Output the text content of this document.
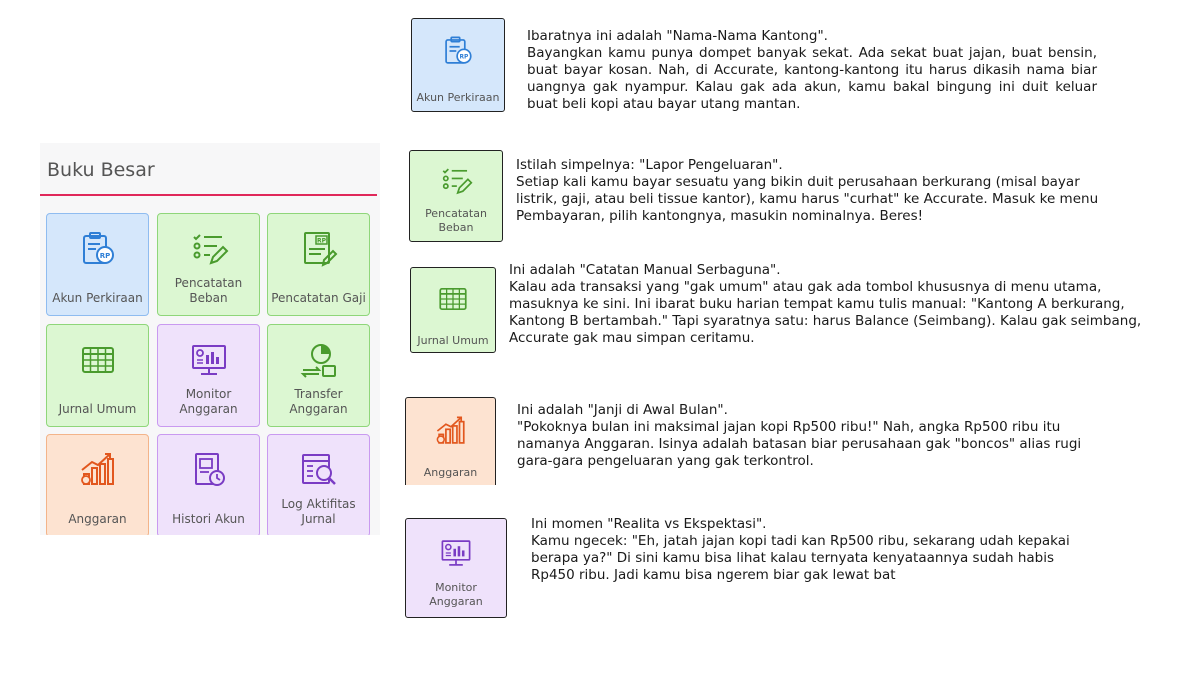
Buku Besar
Akun Perkiraan
Pencatatan Beban	Pencatatan Gaji
Jurnal Umum
Monitor Anggaran
Transfer Anggaran
Anggaran	Histori Akun
Log Aktifitas Jurnal
Akun Perkiraan

Ibaratnya ini adalah "Nama-Nama Kantong".

Bayangkan kamu punya dompet banyak sekat. Ada sekat buat jajan, buat bensin, buat bayar kosan. Nah, di Accurate, kantong-kantong itu harus dikasih nama biar uangnya gak nyampur. Kalau gak ada akun, kamu bakal bingung ini duit keluar buat beli kopi atau bayar utang mantan.

Pencatatan Beban

Istilah simpelnya: "Lapor Pengeluaran".

Setiap kali kamu bayar sesuatu yang bikin duit perusahaan berkurang (misal bayar listrik, gaji, atau beli tissue kantor), kamu harus "curhat" ke Accurate. Masuk ke menu Pembayaran, pilih kantongnya, masukin nominalnya. Beres!

Jurnal Umum

Ini adalah "Catatan Manual Serbaguna".

Kalau ada transaksi yang "gak umum" atau gak ada tombol khususnya di menu utama, masuknya ke sini. Ini ibarat buku harian tempat kamu tulis manual: "Kantong A berkurang, Kantong B bertambah." Tapi syaratnya satu: harus Balance (Seimbang). Kalau gak seimbang, Accurate gak mau simpan ceritamu.

Anggaran

Ini adalah "Janji di Awal Bulan".

"Pokoknya bulan ini maksimal jajan kopi Rp500 ribu!" Nah, angka Rp500 ribu itu namanya Anggaran. Isinya adalah batasan biar perusahaan gak "boncos" alias rugi gara-gara pengeluaran yang gak terkontrol.

Monitor Anggaran

Ini momen "Realita vs Ekspektasi".

Kamu ngecek: "Eh, jatah jajan kopi tadi kan Rp500 ribu, sekarang udah kepakai berapa ya?" Di sini kamu bisa lihat kalau ternyata kenyataannya sudah habis Rp450 ribu. Jadi kamu bisa ngerem biar gak lewat bat
